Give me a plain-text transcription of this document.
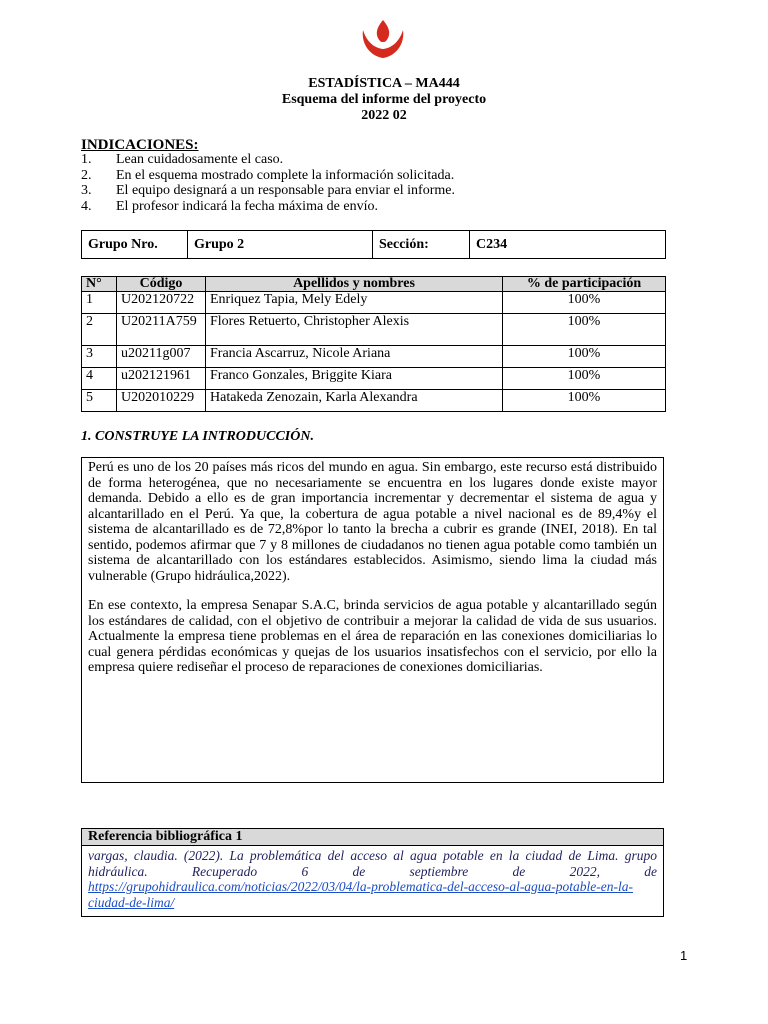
ESTADÍSTICA – MA444
Esquema del informe del proyecto
2022 02
INDICACIONES:
1.	Lean cuidadosamente el caso.
2.	En el esquema mostrado complete la información solicitada.
3.	El equipo designará a un responsable para enviar el informe.
4.	El profesor indicará la fecha máxima de envío.
Grupo Nro.	Grupo 2	Sección:	C234
N°	Código	Apellidos y nombres	% de participación
1	U202120722	Enriquez Tapia, Mely Edely	100%
2	U20211A759	Flores Retuerto, Christopher Alexis	100%
3	u20211g007	Francia Ascarruz, Nicole Ariana	100%
4	u202121961	Franco Gonzales, Briggite Kiara	100%
5	U202010229	Hatakeda Zenozain, Karla Alexandra	100%
1. CONSTRUYE LA INTRODUCCIÓN.

Perú es uno de los 20 países más ricos del mundo en agua. Sin embargo, este recurso está distribuido de forma heterogénea, que no necesariamente se encuentra en los lugares donde existe mayor demanda. Debido a ello es de gran importancia incrementar y decrementar el sistema de agua y alcantarillado en el Perú. Ya que, la cobertura de agua potable a nivel nacional es de 89,4%y el sistema de alcantarillado es de 72,8%por lo tanto la brecha a cubrir es grande (INEI, 2018). En tal sentido, podemos afirmar que 7 y 8 millones de ciudadanos no tienen agua potable como también un sistema de alcantarillado con los estándares establecidos. Asimismo, siendo lima la ciudad más vulnerable (Grupo hidráulica,2022).

En ese contexto, la empresa Senapar S.A.C, brinda servicios de agua potable y alcantarillado según los estándares de calidad, con el objetivo de contribuir a mejorar la calidad de vida de sus usuarios. Actualmente la empresa tiene problemas en el área de reparación en las conexiones domiciliarias lo cual genera pérdidas económicas y quejas de los usuarios insatisfechos con el servicio, por ello la empresa quiere rediseñar el proceso de reparaciones de conexiones domiciliarias.

Referencia bibliográfica 1
vargas, claudia. (2022). La problemática del acceso al agua potable en la ciudad de Lima. grupo hidráulica. Recuperado 6 de septiembre de 2022, de https://grupohidraulica.com/noticias/2022/03/04/la-problematica-del-acceso-al-agua-potable-en-la-ciudad-de-lima/
1
